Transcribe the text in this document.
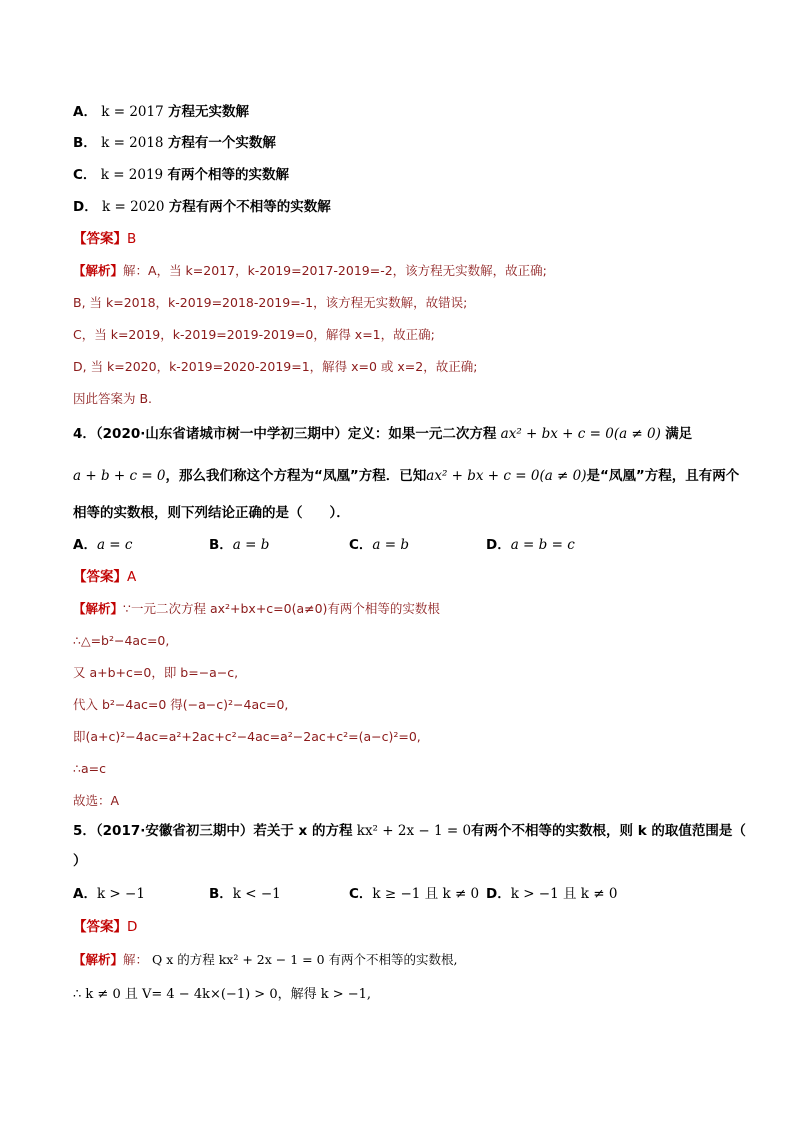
A． k = 2017 方程无实数解
B． k = 2018 方程有一个实数解
C． k = 2019 有两个相等的实数解
D． k = 2020 方程有两个不相等的实数解
【答案】B
【解析】解：A，当 k=2017，k-2019=2017-2019=-2，该方程无实数解，故正确;
B, 当 k=2018，k-2019=2018-2019=-1，该方程无实数解，故错误;
C，当 k=2019，k-2019=2019-2019=0，解得 x=1，故正确;
D, 当 k=2020，k-2019=2020-2019=1，解得 x=0 或 x=2，故正确;
因此答案为 B.
4．（2020·山东省诸城市树一中学初三期中）定义：如果一元二次方程 ax² + bx + c = 0(a ≠ 0) 满足
a + b + c = 0，那么我们称这个方程为“凤凰”方程．已知ax² + bx + c = 0(a ≠ 0)是“凤凰”方程，且有两个
相等的实数根，则下列结论正确的是（　　）．
A．a = c	B．a = b	C．a = b	D．a = b = c
【答案】A
【解析】∵一元二次方程 ax²+bx+c=0(a≠0)有两个相等的实数根
∴△=b²−4ac=0,
又 a+b+c=0，即 b=−a−c,
代入 b²−4ac=0 得(−a−c)²−4ac=0,
即(a+c)²−4ac=a²+2ac+c²−4ac=a²−2ac+c²=(a−c)²=0,
∴a=c
故选：A
5．（2017·安徽省初三期中）若关于 x 的方程 kx² + 2x − 1 = 0有两个不相等的实数根，则 k 的取值范围是（
）
A．k > −1	B．k < −1	C．k ≥ −1 且 k ≠ 0 D．k > −1 且 k ≠ 0
【答案】D
【解析】解： Q x 的方程 kx² + 2x − 1 = 0 有两个不相等的实数根,
∴ k ≠ 0 且 V= 4 − 4k×(−1) > 0，解得 k > −1,
